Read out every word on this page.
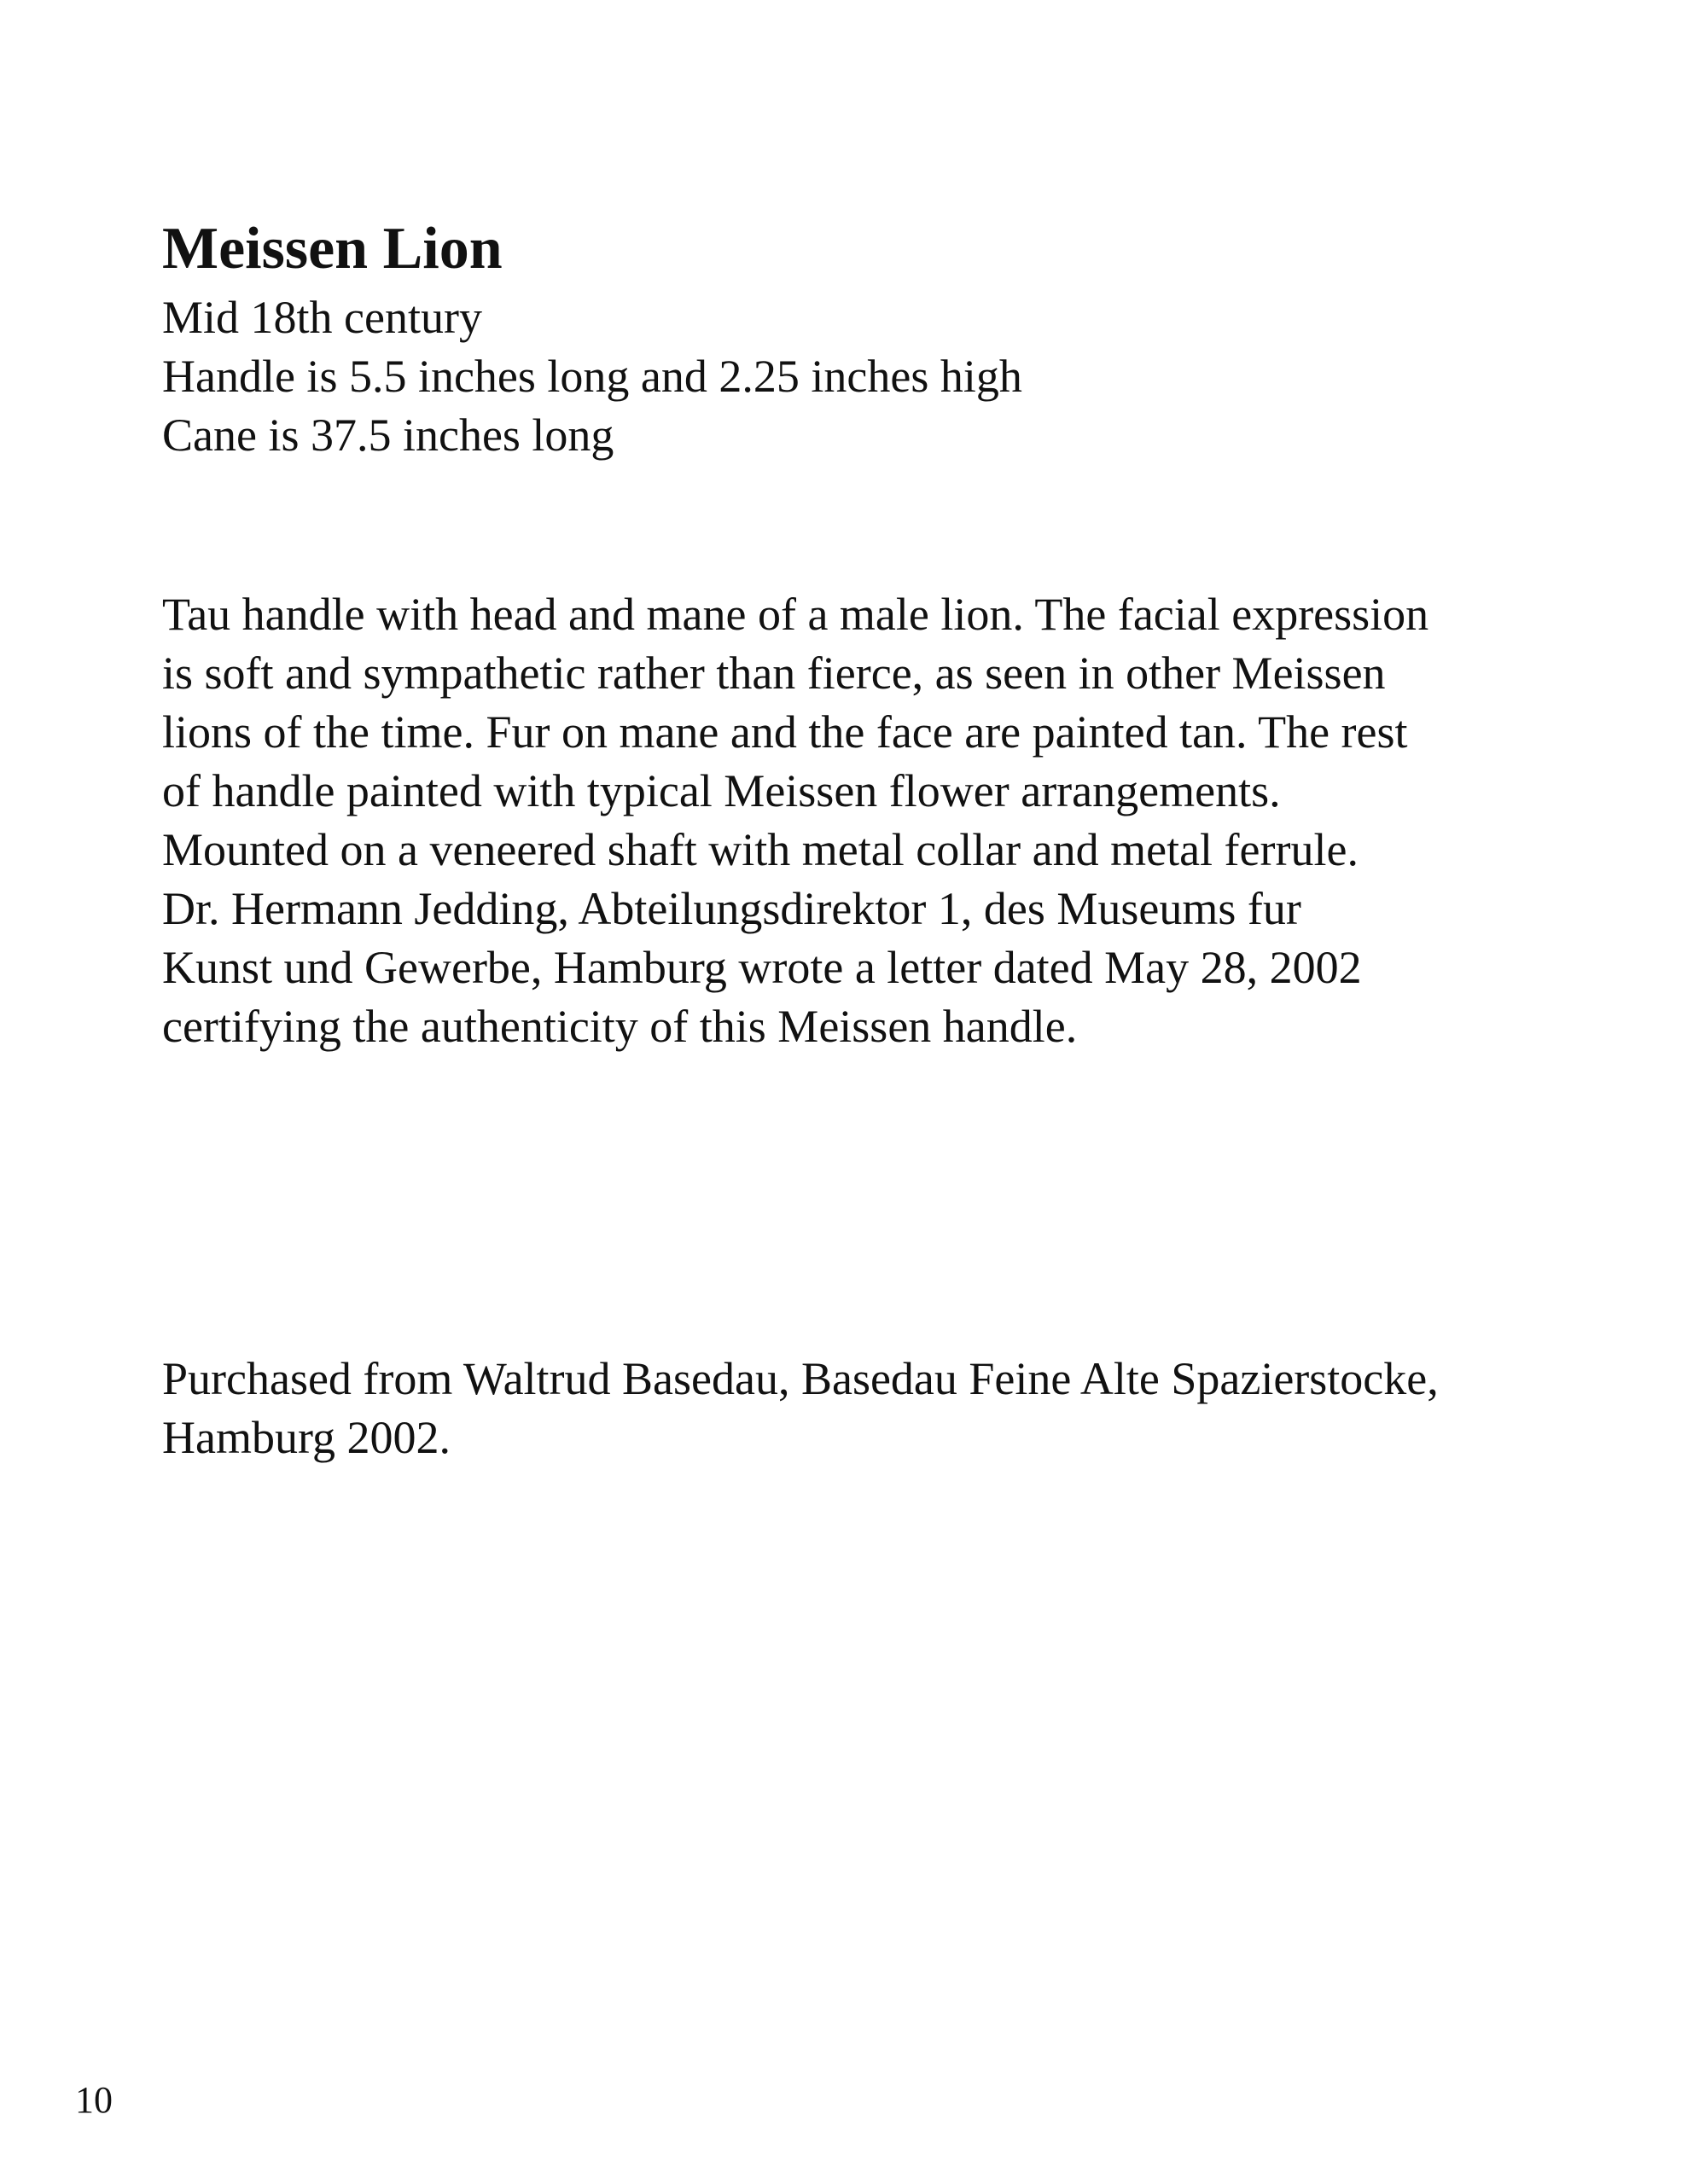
Meissen Lion
Mid 18th century
Handle is 5.5 inches long and 2.25 inches high
Cane is 37.5 inches long

Tau handle with head and mane of a male lion. The facial expression
is soft and sympathetic rather than fierce, as seen in other Meissen
lions of the time. Fur on mane and the face are painted tan. The rest
of handle painted with typical Meissen flower arrangements.
Mounted on a veneered shaft with metal collar and metal ferrule.
Dr. Hermann Jedding, Abteilungsdirektor 1, des Museums fur
Kunst und Gewerbe, Hamburg wrote a letter dated May 28, 2002
certifying the authenticity of this Meissen handle.

Purchased from Waltrud Basedau, Basedau Feine Alte Spazierstocke,
Hamburg 2002.

10
